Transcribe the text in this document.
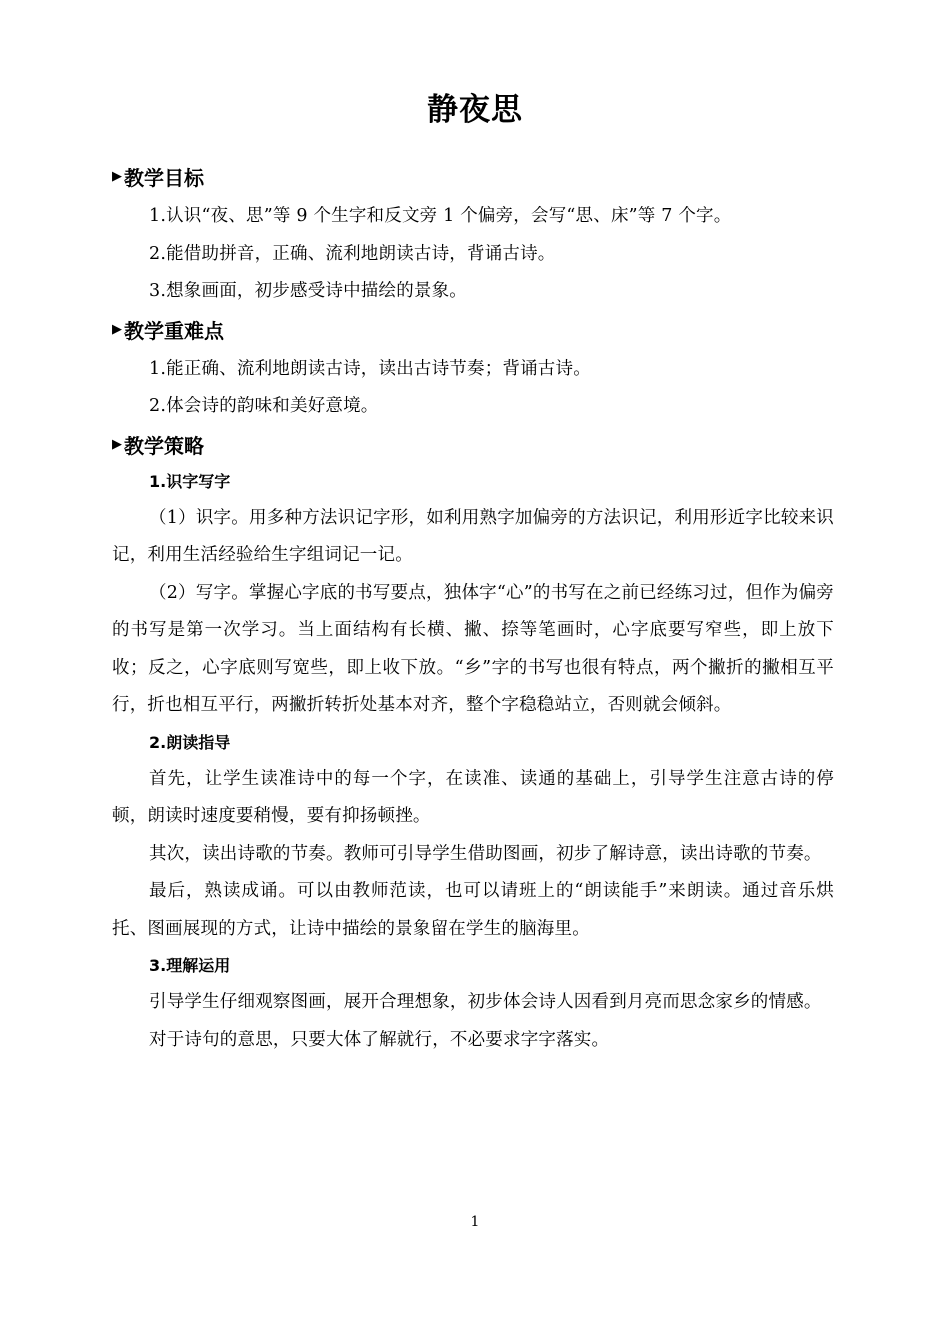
静夜思
▶ 教学目标

1.认识“夜、思”等 9 个生字和反文旁 1 个偏旁，会写“思、床”等 7 个字。

2.能借助拼音，正确、流利地朗读古诗，背诵古诗。

3.想象画面，初步感受诗中描绘的景象。

▶ 教学重难点

1.能正确、流利地朗读古诗，读出古诗节奏；背诵古诗。

2.体会诗的韵味和美好意境。

▶ 教学策略
1.识字写字

（1）识字。用多种方法识记字形，如利用熟字加偏旁的方法识记，利用形近字比较来识记，利用生活经验给生字组词记一记。

（2）写字。掌握心字底的书写要点，独体字“心”的书写在之前已经练习过，但作为偏旁的书写是第一次学习。当上面结构有长横、撇、捺等笔画时，心字底要写窄些，即上放下收；反之，心字底则写宽些，即上收下放。“乡”字的书写也很有特点，两个撇折的撇相互平行，折也相互平行，两撇折转折处基本对齐，整个字稳稳站立，否则就会倾斜。

2.朗读指导

首先，让学生读准诗中的每一个字，在读准、读通的基础上，引导学生注意古诗的停顿，朗读时速度要稍慢，要有抑扬顿挫。

其次，读出诗歌的节奏。教师可引导学生借助图画，初步了解诗意，读出诗歌的节奏。

最后，熟读成诵。可以由教师范读，也可以请班上的“朗读能手”来朗读。通过音乐烘托、图画展现的方式，让诗中描绘的景象留在学生的脑海里。

3.理解运用

引导学生仔细观察图画，展开合理想象，初步体会诗人因看到月亮而思念家乡的情感。

对于诗句的意思，只要大体了解就行，不必要求字字落实。

1
